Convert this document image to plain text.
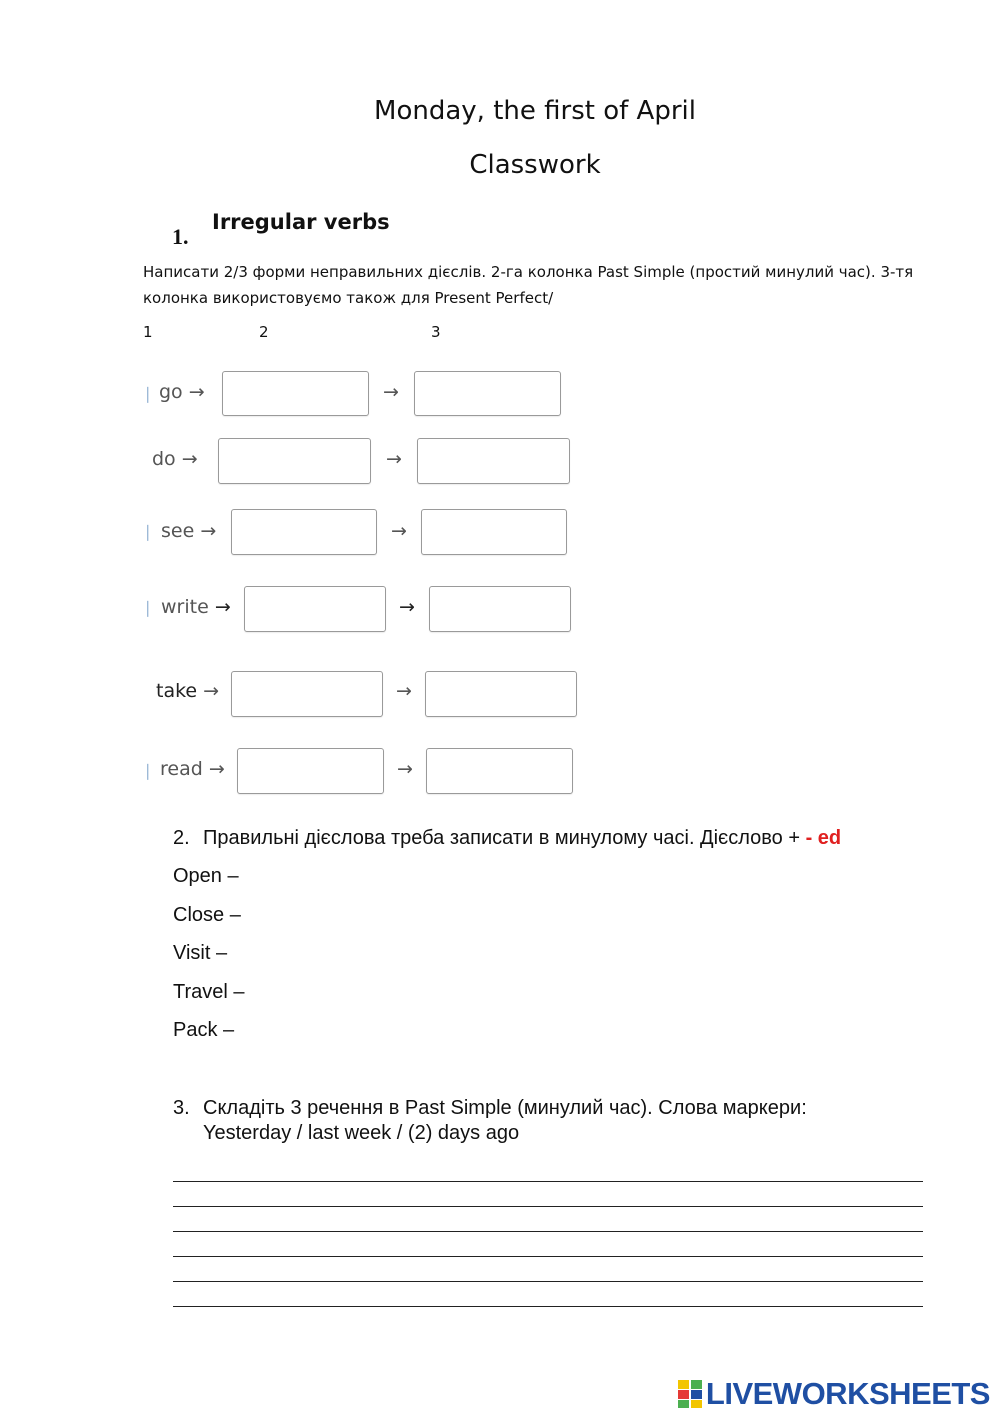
Monday, the first of April
Classwork
1.
Irregular verbs
Написати 2/3 форми неправильних дієслів. 2-га колонка Past Simple (простий минулий час). 3-тя колонка використовуємо також для Present Perfect/
1	2	3
❘ go →	→
do →	→
❘ see →	→
❘ write →	→
take →	→
❘ read →	→
2. Правильні дієслова треба записати в минулому часі. Дієслово + - ed
Open –
Close –
Visit –
Travel –
Pack –
3. Складіть 3 речення в Past Simple (минулий час). Слова маркери:
Yesterday / last week / (2) days ago
LIVEWORKSHEETS
